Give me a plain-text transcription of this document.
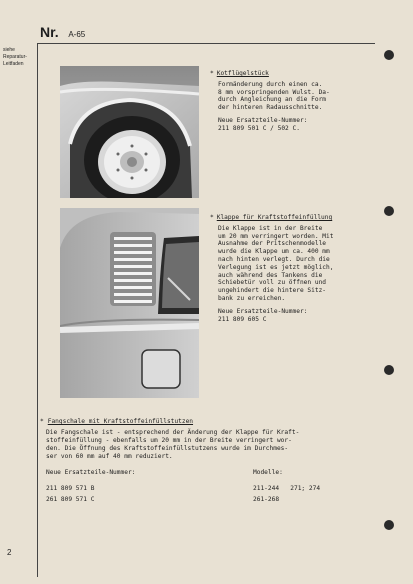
Nr. A-65
siehe
Reparatur-
Leitfaden
* Kotflügelstück
Formänderung durch einen ca.
8 mm vorspringenden Wulst. Da-
durch Angleichung an die Form
der hinteren Radausschnitte.
Neue Ersatzteile-Nummer:
211 809 501 C / 502 C.
* Klappe für Kraftstoffeinfüllung
Die Klappe ist in der Breite
um 20 mm verringert worden. Mit
Ausnahme der Pritschenmodelle
wurde die Klappe um ca. 400 mm
nach hinten verlegt. Durch die
Verlegung ist es jetzt möglich,
auch während des Tankens die
Schiebetür voll zu öffnen und
ungehindert die hintere Sitz-
bank zu erreichen.
Neue Ersatzteile-Nummer:
211 809 605 C
* Fangschale mit Kraftstoffeinfüllstutzen
Die Fangschale ist - entsprechend der Änderung der Klappe für Kraft-
stoffeinfüllung - ebenfalls um 20 mm in der Breite verringert wor-
den. Die Öffnung des Kraftstoffeinfüllstutzens wurde im Durchmes-
ser von 60 mm auf 40 mm reduziert.
Neue Ersatzteile-Nummer:
211 809 571 B
261 809 571 C
Modelle:
211-244   271; 274
261-268
2
